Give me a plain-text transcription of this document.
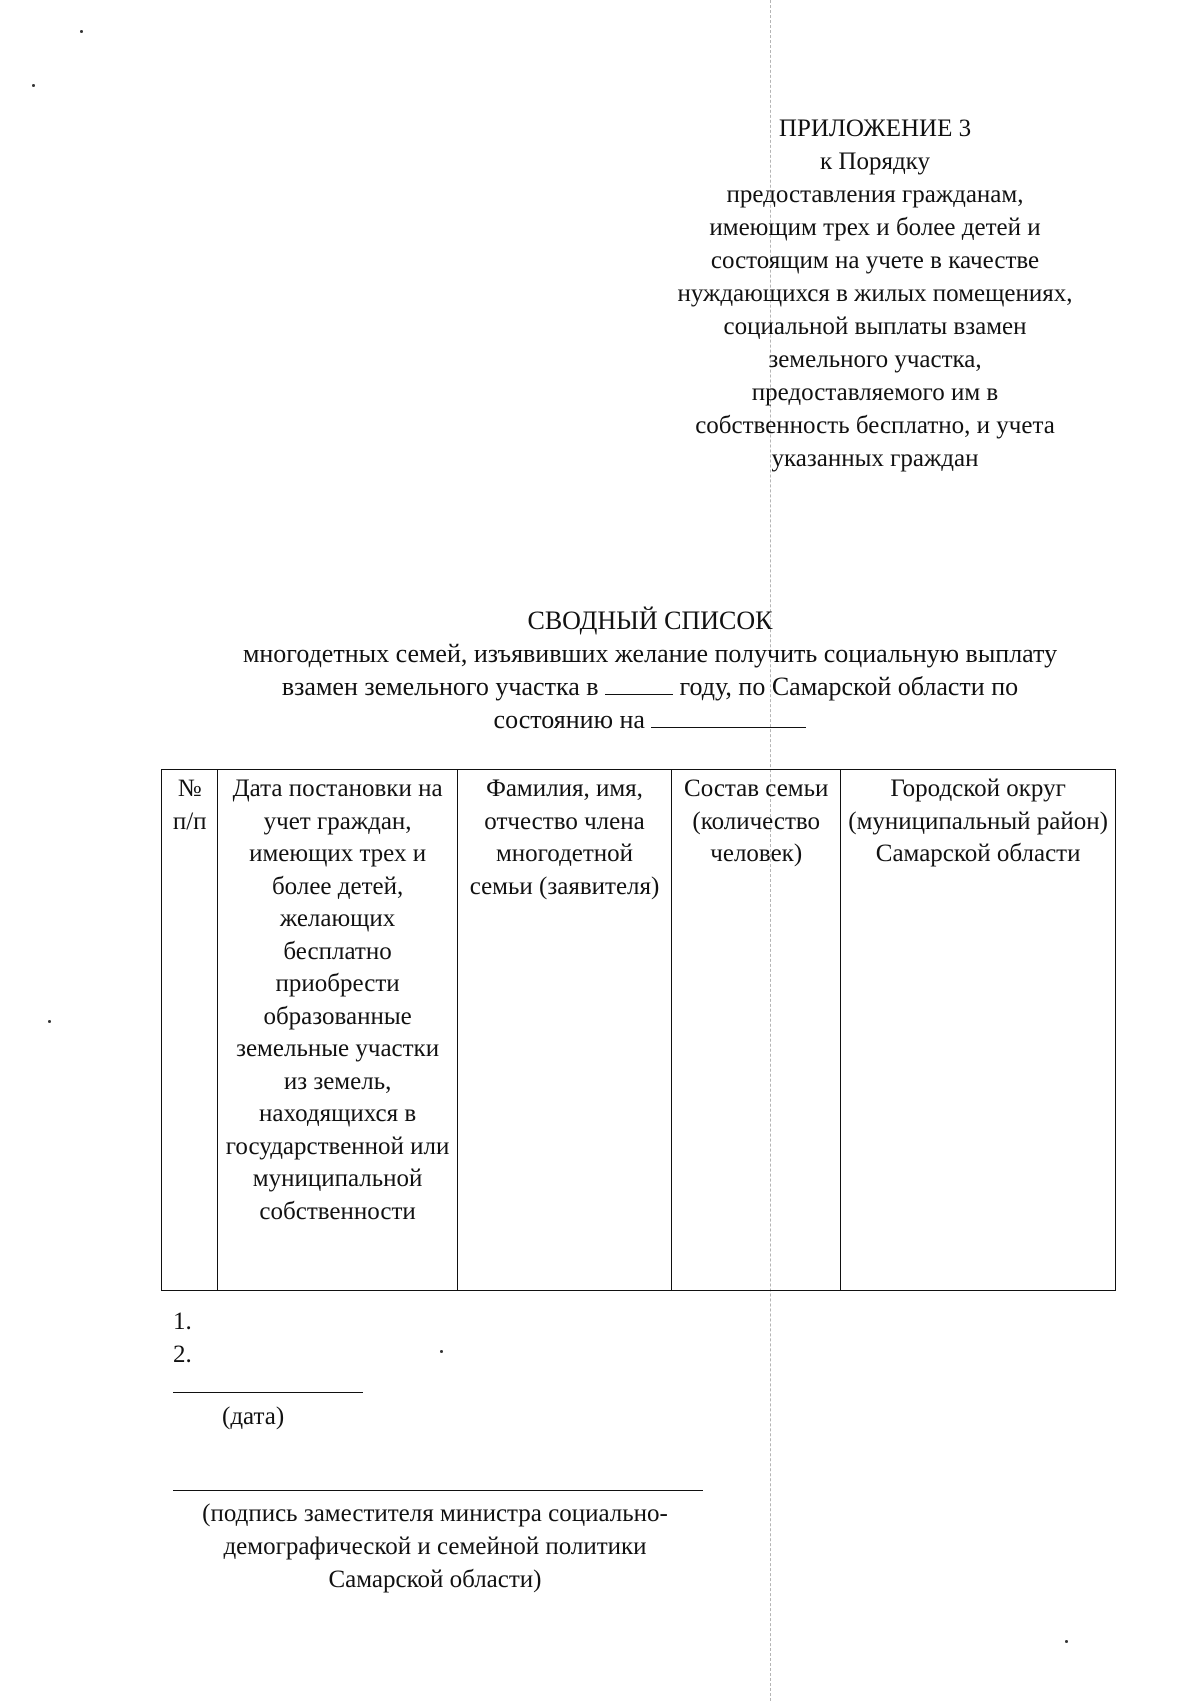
ПРИЛОЖЕНИЕ 3
к Порядку
предоставления гражданам,
имеющим трех и более детей и
состоящим на учете в качестве
нуждающихся в жилых помещениях,
социальной выплаты взамен
земельного участка,
предоставляемого им в
собственность бесплатно, и учета
указанных граждан
СВОДНЫЙ СПИСОК
многодетных семей, изъявивших желание получить социальную выплату
взамен земельного участка в	году, по Самарской области по
состоянию на
№ п/п	Дата постановки на учет граждан, имеющих трех и более детей, желающих бесплатно приобрести образованные земельные участки из земель, находящихся в государственной или муниципальной собственности	Фамилия, имя, отчество члена многодетной семьи (заявителя)	Состав семьи (количество человек)	Городской округ (муниципальный район) Самарской области
1.
2.
(дата)
(подпись заместителя министра социально-
демографической и семейной политики
Самарской области)
